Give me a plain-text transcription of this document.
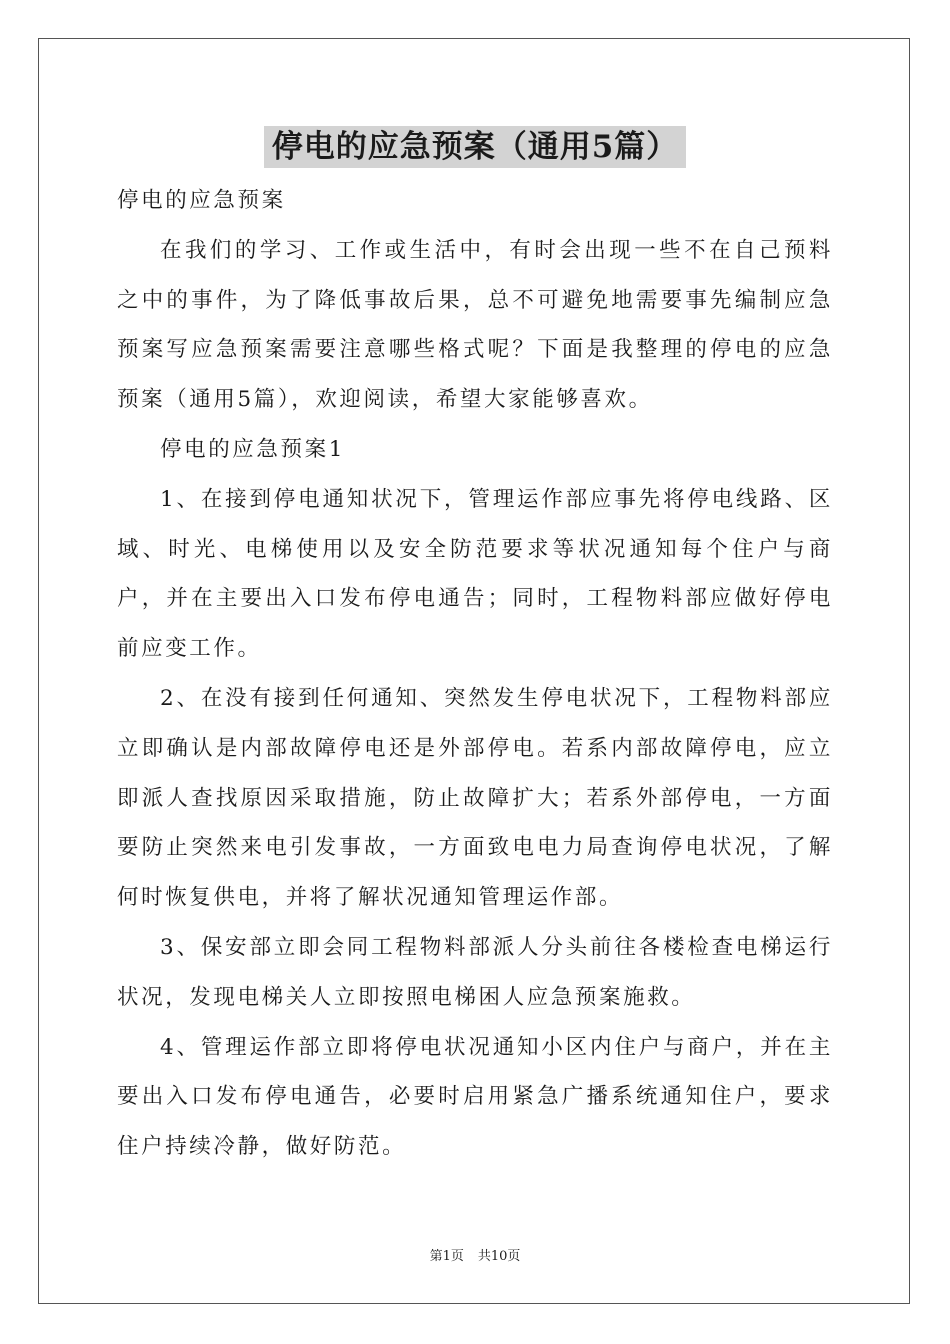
停电的应急预案（通用5篇）

停电的应急预案

在我们的学习、工作或生活中，有时会出现一些不在自己预料之中的事件，为了降低事故后果，总不可避免地需要事先编制应急预案写应急预案需要注意哪些格式呢？下面是我整理的停电的应急预案（通用5篇），欢迎阅读，希望大家能够喜欢。

停电的应急预案1

1、在接到停电通知状况下，管理运作部应事先将停电线路、区域、时光、电梯使用以及安全防范要求等状况通知每个住户与商户，并在主要出入口发布停电通告；同时，工程物料部应做好停电前应变工作。

2、在没有接到任何通知、突然发生停电状况下，工程物料部应立即确认是内部故障停电还是外部停电。若系内部故障停电，应立即派人查找原因采取措施，防止故障扩大；若系外部停电，一方面要防止突然来电引发事故，一方面致电电力局查询停电状况，了解何时恢复供电，并将了解状况通知管理运作部。

3、保安部立即会同工程物料部派人分头前往各楼检查电梯运行状况，发现电梯关人立即按照电梯困人应急预案施救。

4、管理运作部立即将停电状况通知小区内住户与商户，并在主要出入口发布停电通告，必要时启用紧急广播系统通知住户，要求住户持续冷静，做好防范。

第1页 共10页
